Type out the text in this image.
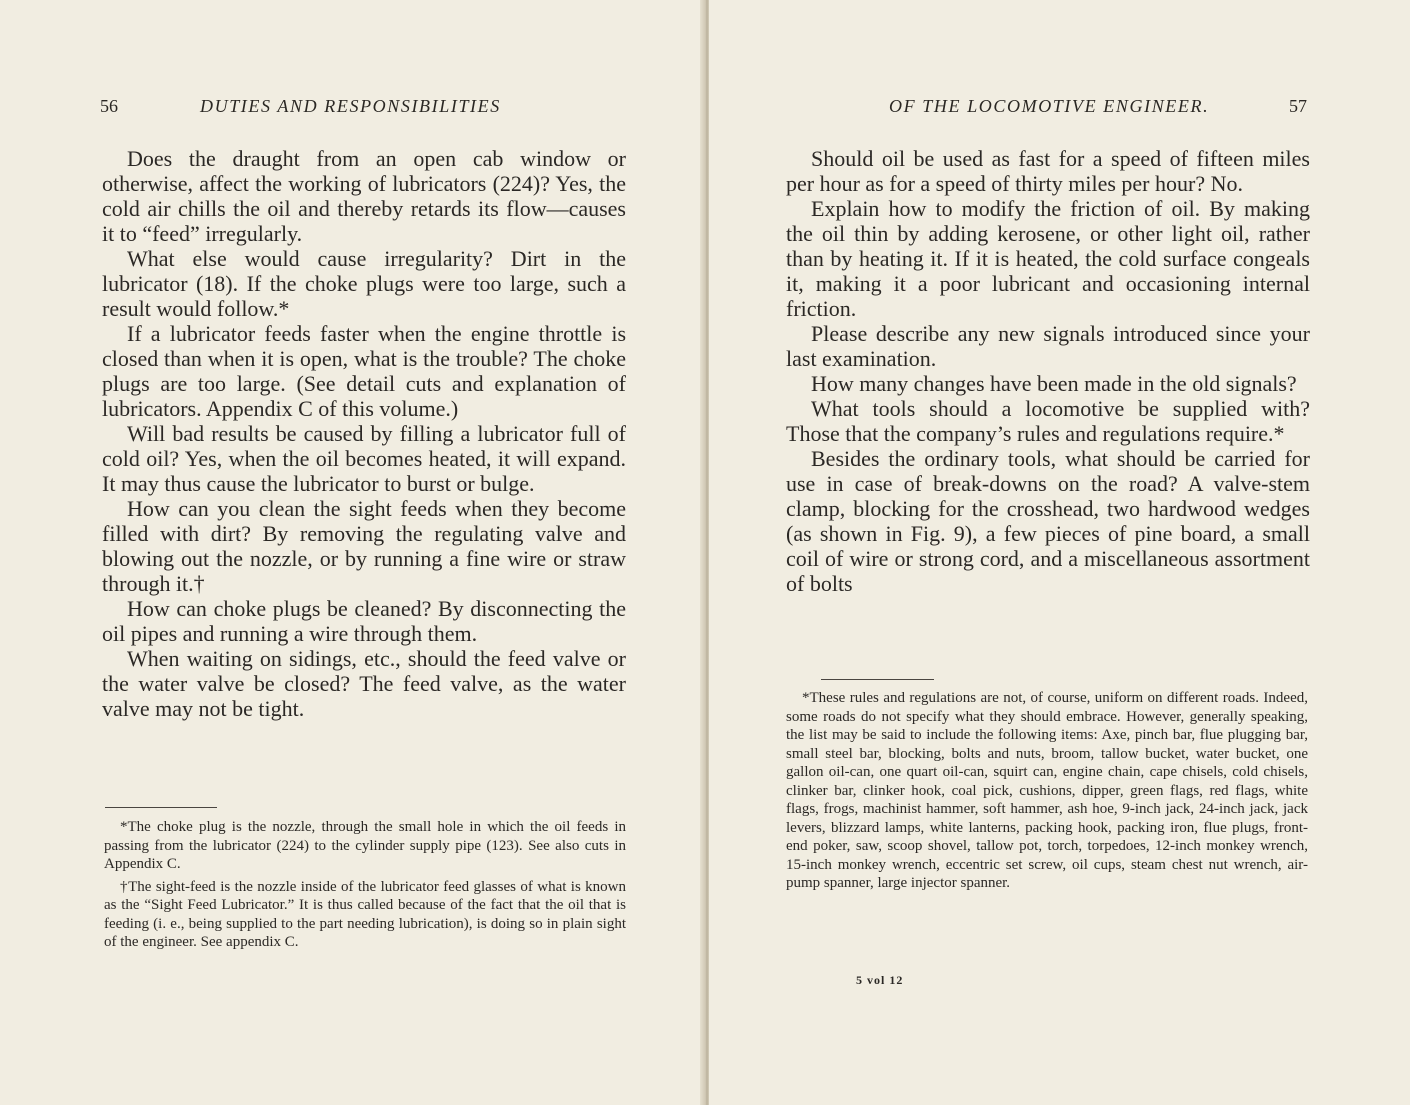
56	DUTIES AND RESPONSIBILITIES

Does the draught from an open cab window or otherwise, affect the working of lubricators (224)? Yes, the cold air chills the oil and thereby retards its flow—causes it to “feed” irregularly.

What else would cause irregularity? Dirt in the lubricator (18). If the choke plugs were too large, such a result would follow.*

If a lubricator feeds faster when the engine throttle is closed than when it is open, what is the trouble? The choke plugs are too large. (See detail cuts and explanation of lubricators. Appendix C of this volume.)

Will bad results be caused by filling a lubricator full of cold oil? Yes, when the oil becomes heated, it will expand. It may thus cause the lubricator to burst or bulge.

How can you clean the sight feeds when they become filled with dirt? By removing the regulating valve and blowing out the nozzle, or by running a fine wire or straw through it.†

How can choke plugs be cleaned? By disconnecting the oil pipes and running a wire through them.

When waiting on sidings, etc., should the feed valve or the water valve be closed? The feed valve, as the water valve may not be tight.

*The choke plug is the nozzle, through the small hole in which the oil feeds in passing from the lubricator (224) to the cylinder supply pipe (123). See also cuts in Appendix C.

†The sight-feed is the nozzle inside of the lubricator feed glasses of what is known as the “Sight Feed Lubricator.” It is thus called because of the fact that the oil that is feeding (i. e., being supplied to the part needing lubrication), is doing so in plain sight of the engineer. See appendix C.

OF THE LOCOMOTIVE ENGINEER.	57

Should oil be used as fast for a speed of fifteen miles per hour as for a speed of thirty miles per hour? No.

Explain how to modify the friction of oil. By making the oil thin by adding kerosene, or other light oil, rather than by heating it. If it is heated, the cold surface congeals it, making it a poor lubricant and occasioning internal friction.

Please describe any new signals introduced since your last examination.

How many changes have been made in the old signals?

What tools should a locomotive be supplied with? Those that the company’s rules and regulations require.*

Besides the ordinary tools, what should be carried for use in case of break-downs on the road? A valve-stem clamp, blocking for the crosshead, two hardwood wedges (as shown in Fig. 9), a few pieces of pine board, a small coil of wire or strong cord, and a miscellaneous assortment of bolts

*These rules and regulations are not, of course, uniform on different roads. Indeed, some roads do not specify what they should embrace. However, generally speaking, the list may be said to include the following items: Axe, pinch bar, flue plugging bar, small steel bar, blocking, bolts and nuts, broom, tallow bucket, water bucket, one gallon oil-can, one quart oil-can, squirt can, engine chain, cape chisels, cold chisels, clinker bar, clinker hook, coal pick, cushions, dipper, green flags, red flags, white flags, frogs, machinist hammer, soft hammer, ash hoe, 9-inch jack, 24-inch jack, jack levers, blizzard lamps, white lanterns, packing hook, packing iron, flue plugs, front-end poker, saw, scoop shovel, tallow pot, torch, torpedoes, 12-inch monkey wrench, 15-inch monkey wrench, eccentric set screw, oil cups, steam chest nut wrench, air-pump spanner, large injector spanner.

5 vol 12
